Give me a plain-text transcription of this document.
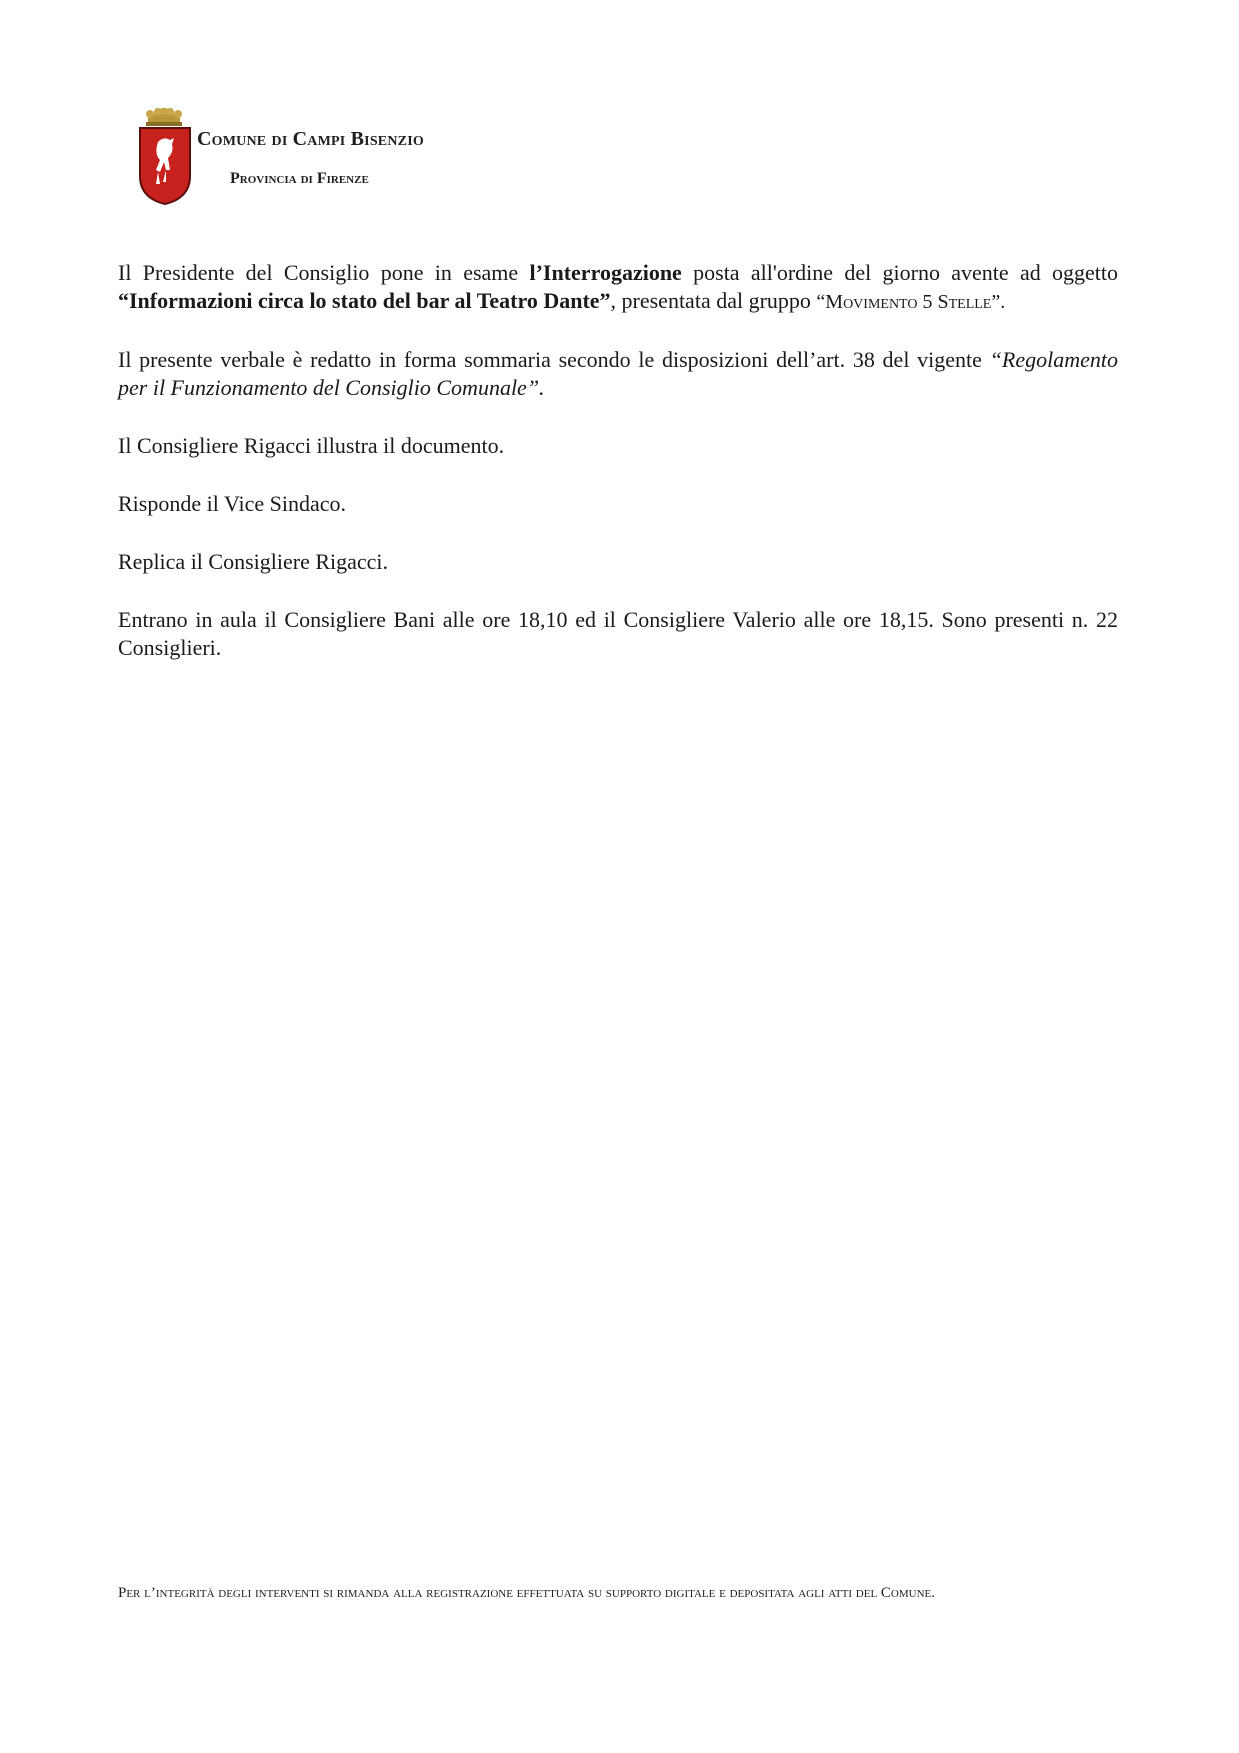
Comune di Campi Bisenzio
Provincia di Firenze

Il Presidente del Consiglio pone in esame l’Interrogazione posta all'ordine del giorno avente ad oggetto “Informazioni circa lo stato del bar al Teatro Dante”, presentata dal gruppo “Movimento 5 Stelle”.

Il presente verbale è redatto in forma sommaria secondo le disposizioni dell’art. 38 del vigente “Regolamento per il Funzionamento del Consiglio Comunale”.

Il Consigliere Rigacci illustra il documento.

Risponde il Vice Sindaco.

Replica il Consigliere Rigacci.

Entrano in aula il Consigliere Bani alle ore 18,10 ed il Consigliere Valerio alle ore 18,15. Sono presenti n. 22 Consiglieri.

Per l’integrità degli interventi si rimanda alla registrazione effettuata su supporto digitale e depositata agli atti del Comune.
